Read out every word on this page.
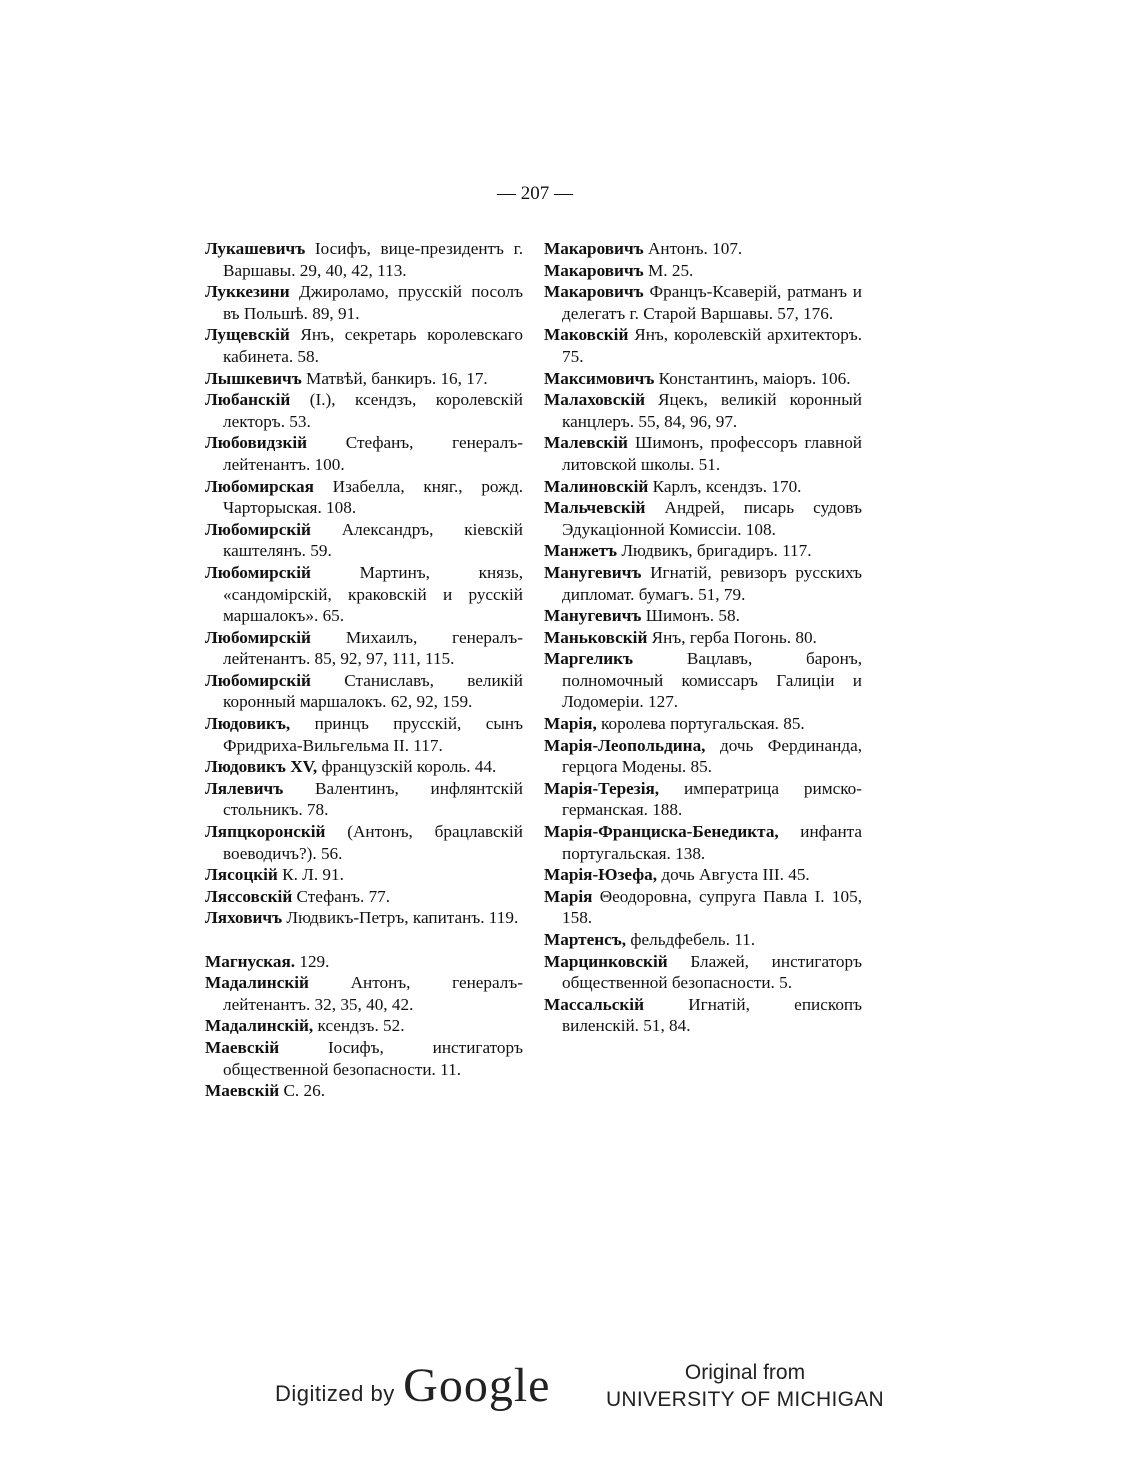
— 207 —

Лукашевичъ Іосифъ, вице-президентъ г. Варшавы. 29, 40, 42, 113.

Луккезини Джироламо, прусскій посолъ въ Польшѣ. 89, 91.

Лущевскій Янъ, секретарь королевскаго кабинета. 58.

Лышкевичъ Матвѣй, банкиръ. 16, 17.

Любанскій (I.), ксендзъ, королевскій лекторъ. 53.

Любовидзкій Стефанъ, генералъ-лейтенантъ. 100.

Любомирская Изабелла, княг., рожд. Чарторыская. 108.

Любомирскій Александръ, кіевскій каштелянъ. 59.

Любомирскій Мартинъ, князь, «сандомірскій, краковскій и русскій маршалокъ». 65.

Любомирскій Михаилъ, генералъ-лейтенантъ. 85, 92, 97, 111, 115.

Любомирскій Станиславъ, великій коронный маршалокъ. 62, 92, 159.

Людовикъ, принцъ прусскій, сынъ Фридриха-Вильгельма II. 117.

Людовикъ XV, французскій король. 44.

Лялевичъ Валентинъ, инфлянтскій стольникъ. 78.

Ляпцкоронскій (Антонъ, брацлавскій воеводичъ?). 56.

Лясоцкій К. Л. 91.

Ляссовскій Стефанъ. 77.

Ляховичъ Людвикъ-Петръ, капитанъ. 119.

Магнуская. 129.

Мадалинскій Антонъ, генералъ-лейтенантъ. 32, 35, 40, 42.

Мадалинскій, ксендзъ. 52.

Маевскій Іосифъ, инстигаторъ общественной безопасности. 11.

Маевскій С. 26.

Макаровичъ Антонъ. 107.

Макаровичъ М. 25.

Макаровичъ Францъ-Ксаверій, ратманъ и делегатъ г. Старой Варшавы. 57, 176.

Маковскій Янъ, королевскій архитекторъ. 75.

Максимовичъ Константинъ, маіоръ. 106.

Малаховскій Яцекъ, великій коронный канцлеръ. 55, 84, 96, 97.

Малевскій Шимонъ, профессоръ главной литовской школы. 51.

Малиновскій Карлъ, ксендзъ. 170.

Мальчевскій Андрей, писарь судовъ Эдукаціонной Комиссіи. 108.

Манжетъ Людвикъ, бригадиръ. 117.

Манугевичъ Игнатій, ревизоръ русскихъ дипломат. бумагъ. 51, 79.

Манугевичъ Шимонъ. 58.

Маньковскій Янъ, герба Погонь. 80.

Маргеликъ Вацлавъ, баронъ, полномочный комиссаръ Галиціи и Лодомеріи. 127.

Марія, королева португальская. 85.

Марія-Леопольдина, дочь Фердинанда, герцога Модены. 85.

Марія-Терезія, императрица римско-германская. 188.

Марія-Франциска-Бенедикта, инфанта португальская. 138.

Марія-Юзефа, дочь Августа III. 45.

Марія Θеодоровна, супруга Павла I. 105, 158.

Мартенсъ, фельдфебель. 11.

Марцинковскій Блажей, инстигаторъ общественной безопасности. 5.

Массальскій Игнатій, епископъ виленскій. 51, 84.

Digitized by Google	Original from
UNIVERSITY OF MICHIGAN
